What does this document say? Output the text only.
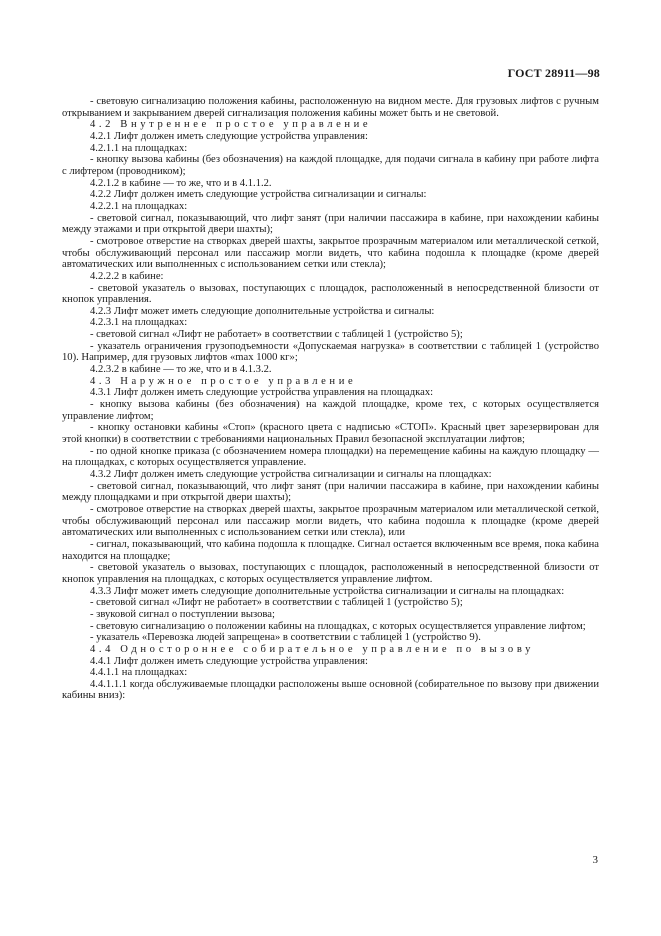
ГОСТ 28911—98

- световую сигнализацию положения кабины, расположенную на видном месте. Для грузовых лифтов с ручным открыванием и закрыванием дверей сигнализация положения кабины может быть и не световой.

4.2 Внутреннее простое управление

4.2.1 Лифт должен иметь следующие устройства управления:

4.2.1.1 на площадках:

- кнопку вызова кабины (без обозначения) на каждой площадке, для подачи сигнала в кабину при работе лифта с лифтером (проводником);

4.2.1.2 в кабине — то же, что и в 4.1.1.2.

4.2.2 Лифт должен иметь следующие устройства сигнализации и сигналы:

4.2.2.1 на площадках:

- световой сигнал, показывающий, что лифт занят (при наличии пассажира в кабине, при нахождении кабины между этажами и при открытой двери шахты);

- смотровое отверстие на створках дверей шахты, закрытое прозрачным материалом или металлической сеткой, чтобы обслуживающий персонал или пассажир могли видеть, что кабина подошла к площадке (кроме дверей автоматических или выполненных с использованием сетки или стекла);

4.2.2.2 в кабине:

- световой указатель о вызовах, поступающих с площадок, расположенный в непосредственной близости от кнопок управления.

4.2.3 Лифт может иметь следующие дополнительные устройства и сигналы:

4.2.3.1 на площадках:

- световой сигнал «Лифт не работает» в соответствии с таблицей 1 (устройство 5);

- указатель ограничения грузоподъемности «Допускаемая нагрузка» в соответствии с таблицей 1 (устройство 10). Например, для грузовых лифтов «max 1000 кг»;

4.2.3.2 в кабине — то же, что и в 4.1.3.2.

4.3 Наружное простое управление

4.3.1 Лифт должен иметь следующие устройства управления на площадках:

- кнопку вызова кабины (без обозначения) на каждой площадке, кроме тех, с которых осуществляется управление лифтом;

- кнопку остановки кабины «Стоп» (красного цвета с надписью «СТОП». Красный цвет зарезервирован для этой кнопки) в соответствии с требованиями национальных Правил безопасной эксплуатации лифтов;

- по одной кнопке приказа (с обозначением номера площадки) на перемещение кабины на каждую площадку — на площадках, с которых осуществляется управление.

4.3.2 Лифт должен иметь следующие устройства сигнализации и сигналы на площадках:

- световой сигнал, показывающий, что лифт занят (при наличии пассажира в кабине, при нахождении кабины между площадками и при открытой двери шахты);

- смотровое отверстие на створках дверей шахты, закрытое прозрачным материалом или металлической сеткой, чтобы обслуживающий персонал или пассажир могли видеть, что кабина подошла к площадке (кроме дверей автоматических или выполненных с использованием сетки или стекла), или

- сигнал, показывающий, что кабина подошла к площадке. Сигнал остается включенным все время, пока кабина находится на площадке;

- световой указатель о вызовах, поступающих с площадок, расположенный в непосредственной близости от кнопок управления на площадках, с которых осуществляется управление лифтом.

4.3.3 Лифт может иметь следующие дополнительные устройства сигнализации и сигналы на площадках:

- световой сигнал «Лифт не работает» в соответствии с таблицей 1 (устройство 5);

- звуковой сигнал о поступлении вызова;

- световую сигнализацию о положении кабины на площадках, с которых осуществляется управление лифтом;

- указатель «Перевозка людей запрещена» в соответствии с таблицей 1 (устройство 9).

4.4 Одностороннее собирательное управление по вызову

4.4.1 Лифт должен иметь следующие устройства управления:

4.4.1.1 на площадках:

4.4.1.1.1 когда обслуживаемые площадки расположены выше основной (собирательное по вызову при движении кабины вниз):

3
